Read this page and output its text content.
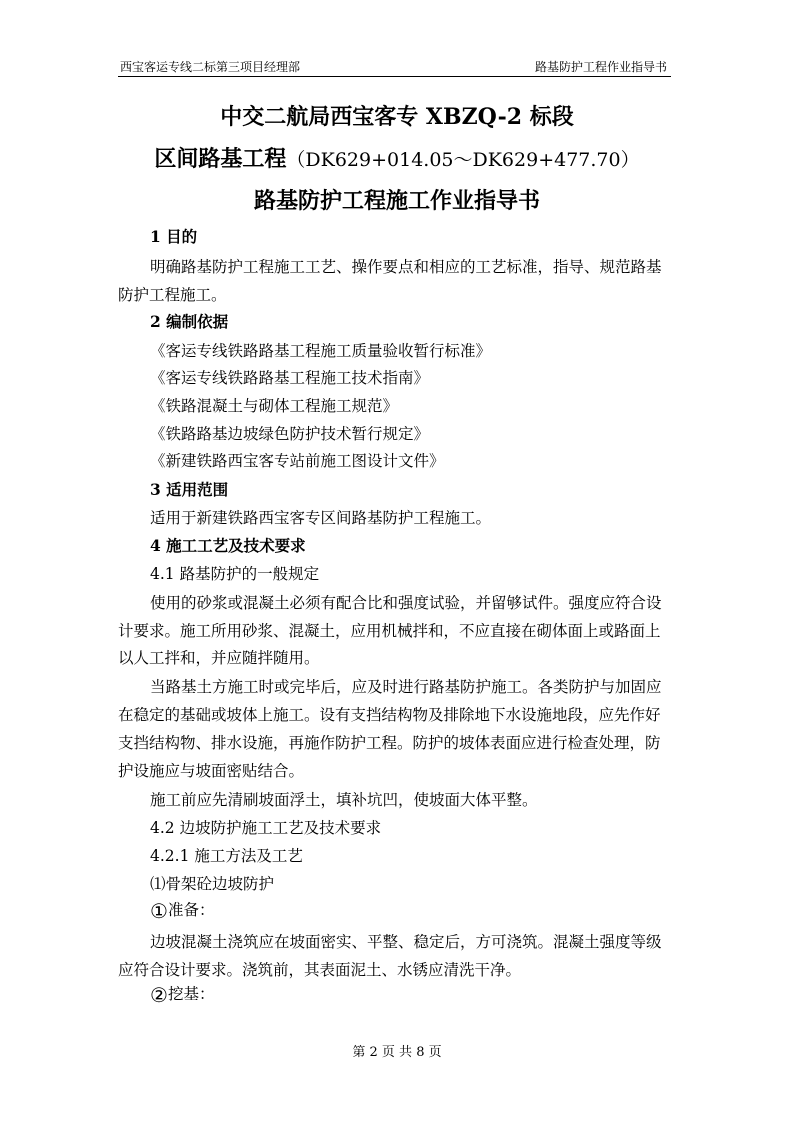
西宝客运专线二标第三项目经理部	路基防护工程作业指导书
中交二航局西宝客专 XBZQ-2 标段
区间路基工程（DK629+014.05～DK629+477.70）
路基防护工程施工作业指导书
1 目的
明确路基防护工程施工工艺、操作要点和相应的工艺标准，指导、规范路基
防护工程施工。
2 编制依据
《客运专线铁路路基工程施工质量验收暂行标准》
《客运专线铁路路基工程施工技术指南》
《铁路混凝土与砌体工程施工规范》
《铁路路基边坡绿色防护技术暂行规定》
《新建铁路西宝客专站前施工图设计文件》
3 适用范围
适用于新建铁路西宝客专区间路基防护工程施工。
4 施工工艺及技术要求
4.1 路基防护的一般规定
使用的砂浆或混凝土必须有配合比和强度试验，并留够试件。强度应符合设
计要求。施工所用砂浆、混凝土，应用机械拌和，不应直接在砌体面上或路面上
以人工拌和，并应随拌随用。
当路基土方施工时或完毕后，应及时进行路基防护施工。各类防护与加固应
在稳定的基础或坡体上施工。设有支挡结构物及排除地下水设施地段，应先作好
支挡结构物、排水设施，再施作防护工程。防护的坡体表面应进行检查处理，防
护设施应与坡面密贴结合。
施工前应先清刷坡面浮土，填补坑凹，使坡面大体平整。
4.2 边坡防护施工工艺及技术要求
4.2.1 施工方法及工艺
⑴骨架砼边坡防护
①准备：
边坡混凝土浇筑应在坡面密实、平整、稳定后，方可浇筑。混凝土强度等级
应符合设计要求。浇筑前，其表面泥土、水锈应清洗干净。
②挖基：
第 2 页 共 8 页
